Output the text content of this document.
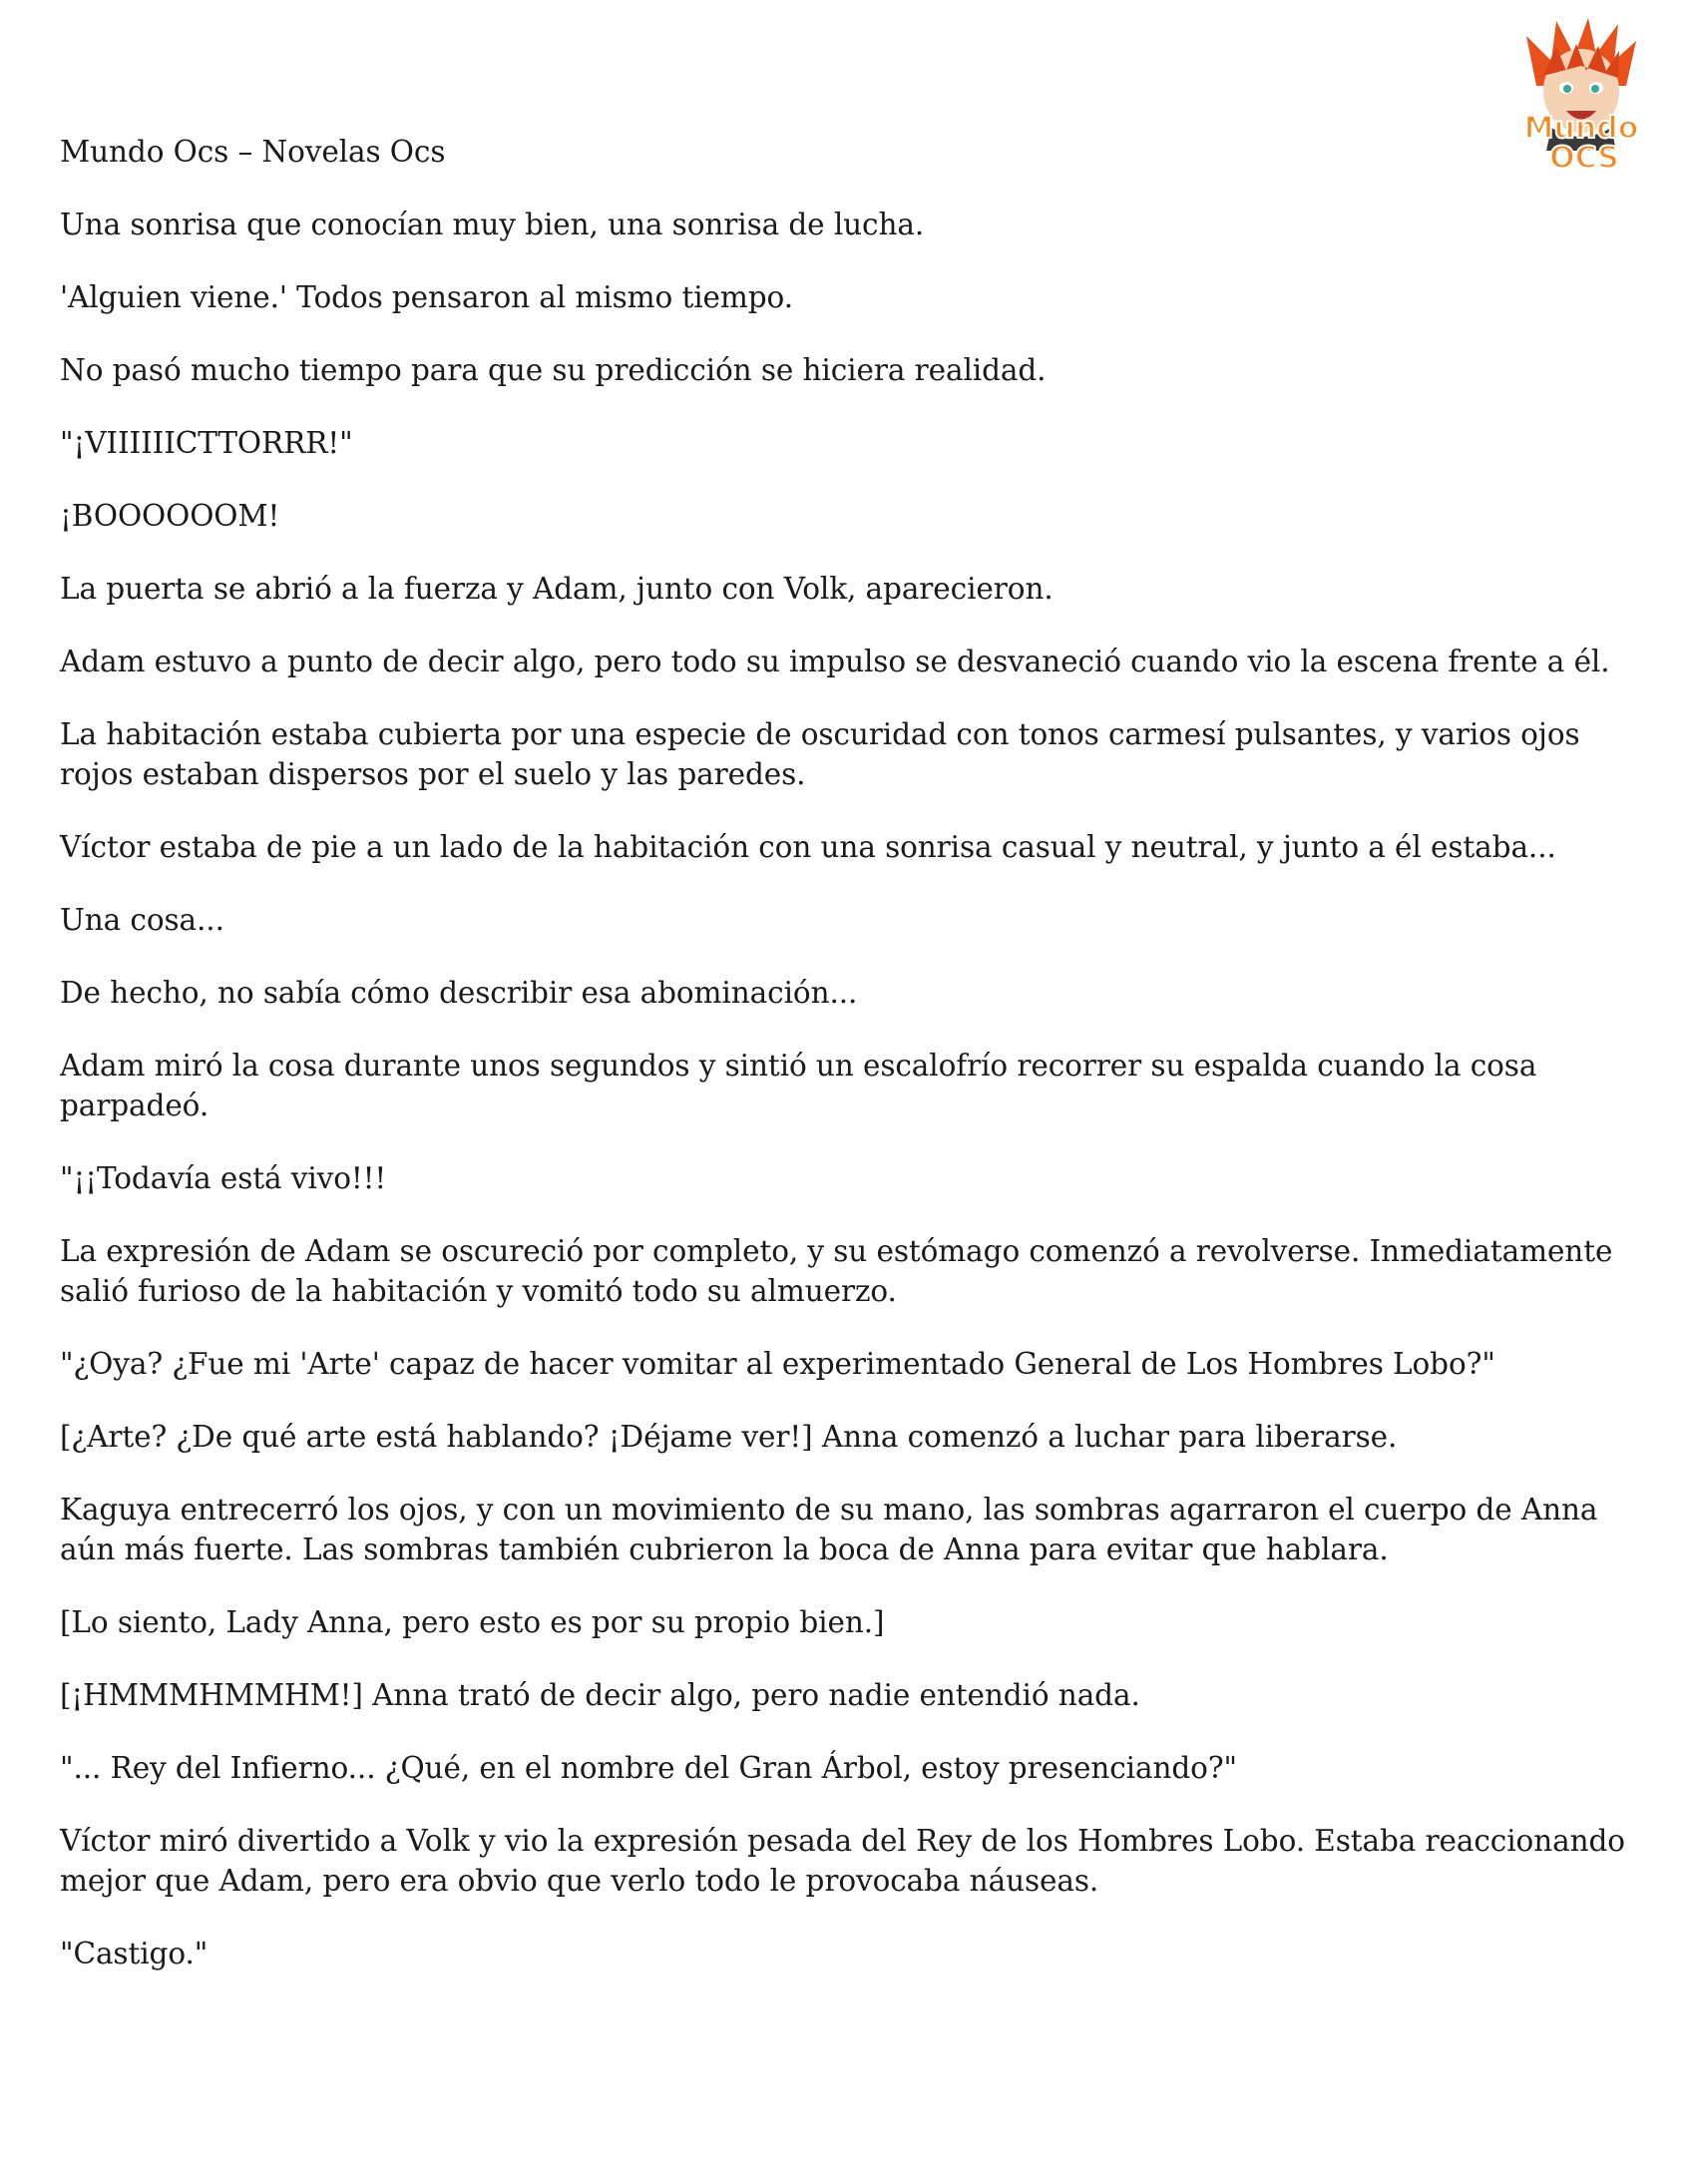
Mundo
OCS

Mundo Ocs – Novelas Ocs

Una sonrisa que conocían muy bien, una sonrisa de lucha.

'Alguien viene.' Todos pensaron al mismo tiempo.

No pasó mucho tiempo para que su predicción se hiciera realidad.

"¡VIIIIIICTTORRR!"

¡BOOOOOOM!

La puerta se abrió a la fuerza y Adam, junto con Volk, aparecieron.

Adam estuvo a punto de decir algo, pero todo su impulso se desvaneció cuando vio la escena frente a él.

La habitación estaba cubierta por una especie de oscuridad con tonos carmesí pulsantes, y varios ojos rojos estaban dispersos por el suelo y las paredes.

Víctor estaba de pie a un lado de la habitación con una sonrisa casual y neutral, y junto a él estaba...

Una cosa...

De hecho, no sabía cómo describir esa abominación...

Adam miró la cosa durante unos segundos y sintió un escalofrío recorrer su espalda cuando la cosa parpadeó.

"¡¡Todavía está vivo!!!

La expresión de Adam se oscureció por completo, y su estómago comenzó a revolverse. Inmediatamente salió furioso de la habitación y vomitó todo su almuerzo.

"¿Oya? ¿Fue mi 'Arte' capaz de hacer vomitar al experimentado General de Los Hombres Lobo?"

[¿Arte? ¿De qué arte está hablando? ¡Déjame ver!] Anna comenzó a luchar para liberarse.

Kaguya entrecerró los ojos, y con un movimiento de su mano, las sombras agarraron el cuerpo de Anna aún más fuerte. Las sombras también cubrieron la boca de Anna para evitar que hablara.

[Lo siento, Lady Anna, pero esto es por su propio bien.]

[¡HMMMHMMHM!] Anna trató de decir algo, pero nadie entendió nada.

"... Rey del Infierno... ¿Qué, en el nombre del Gran Árbol, estoy presenciando?"

Víctor miró divertido a Volk y vio la expresión pesada del Rey de los Hombres Lobo. Estaba reaccionando mejor que Adam, pero era obvio que verlo todo le provocaba náuseas.

"Castigo."
